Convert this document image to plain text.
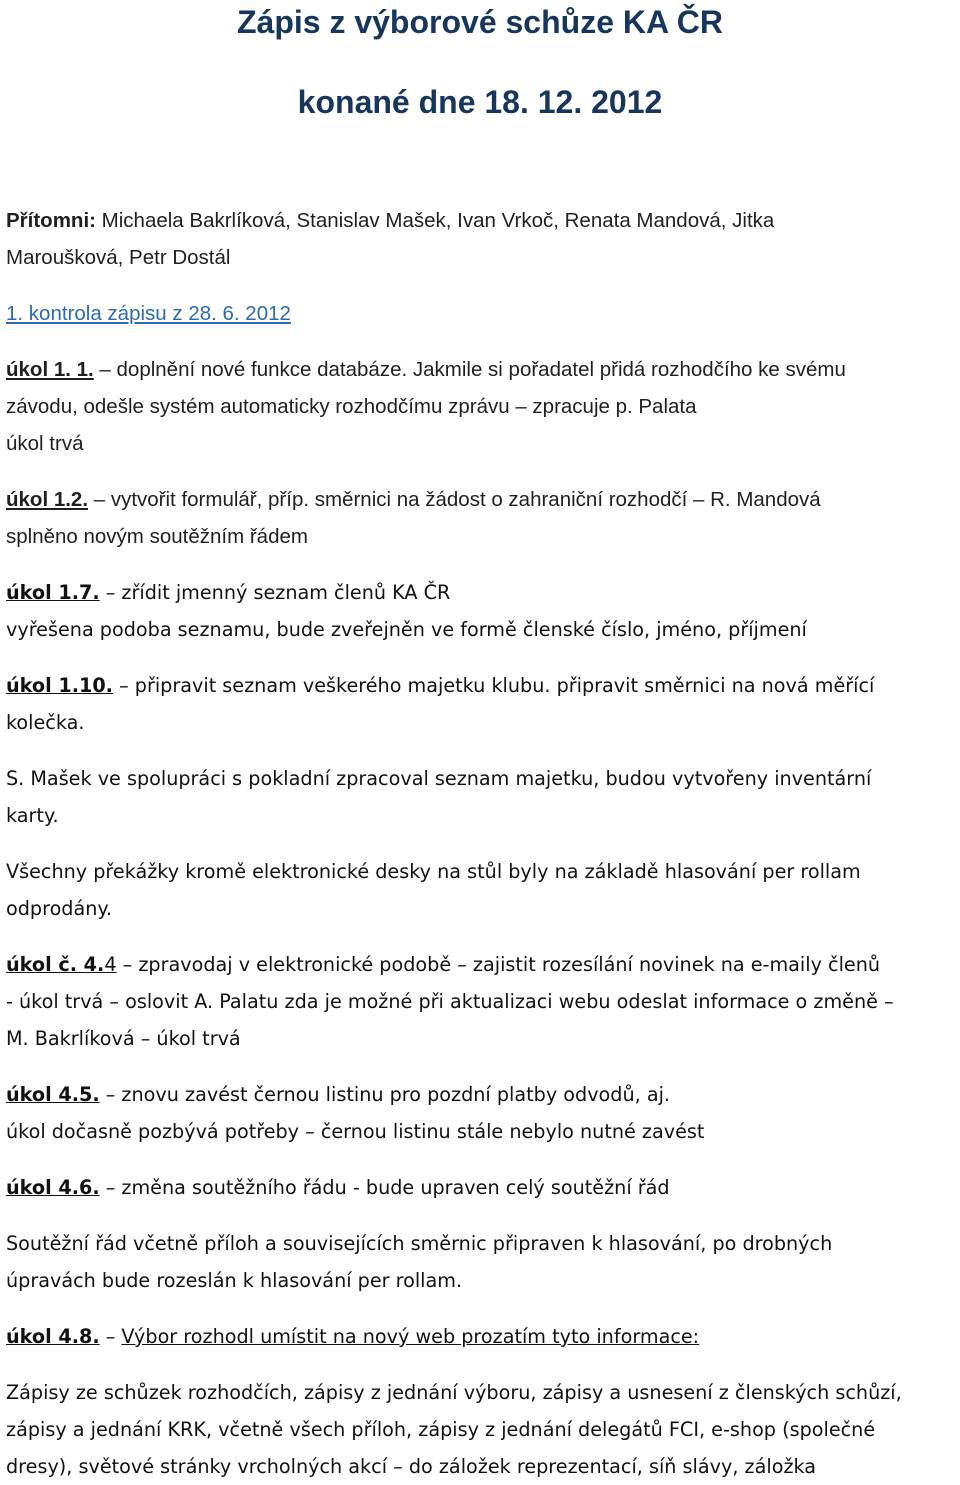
Zápis z výborové schůze KA ČR
konané dne 18. 12. 2012

Přítomni: Michaela Bakrlíková, Stanislav Mašek, Ivan Vrkoč, Renata Mandová, Jitka
Maroušková, Petr Dostál

1. kontrola zápisu z 28. 6. 2012

úkol 1. 1. – doplnění nové funkce databáze. Jakmile si pořadatel přidá rozhodčího ke svému
závodu, odešle systém automaticky rozhodčímu zprávu – zpracuje p. Palata
úkol trvá

úkol 1.2. – vytvořit formulář, příp. směrnici na žádost o zahraniční rozhodčí – R. Mandová
splněno novým soutěžním řádem

úkol 1.7. – zřídit jmenný seznam členů KA ČR
vyřešena podoba seznamu, bude zveřejněn ve formě členské číslo, jméno, příjmení

úkol 1.10. – připravit seznam veškerého majetku klubu. připravit směrnici na nová měřící
kolečka.

S. Mašek ve spolupráci s pokladní zpracoval seznam majetku, budou vytvořeny inventární
karty.

Všechny překážky kromě elektronické desky na stůl byly na základě hlasování per rollam
odprodány.

úkol č. 4.4 – zpravodaj v elektronické podobě – zajistit rozesílání novinek na e-maily členů
- úkol trvá – oslovit A. Palatu zda je možné při aktualizaci webu odeslat informace o změně –
M. Bakrlíková – úkol trvá

úkol 4.5. – znovu zavést černou listinu pro pozdní platby odvodů, aj.
úkol dočasně pozbývá potřeby – černou listinu stále nebylo nutné zavést

úkol 4.6. – změna soutěžního řádu - bude upraven celý soutěžní řád

Soutěžní řád včetně příloh a souvisejících směrnic připraven k hlasování, po drobných
úpravách bude rozeslán k hlasování per rollam.

úkol 4.8. – Výbor rozhodl umístit na nový web prozatím tyto informace:

Zápisy ze schůzek rozhodčích, zápisy z jednání výboru, zápisy a usnesení z členských schůzí,
zápisy a jednání KRK, včetně všech příloh, zápisy z jednání delegátů FCI, e-shop (společné
dresy), světové stránky vrcholných akcí – do záložek reprezentací, síň slávy, záložka
